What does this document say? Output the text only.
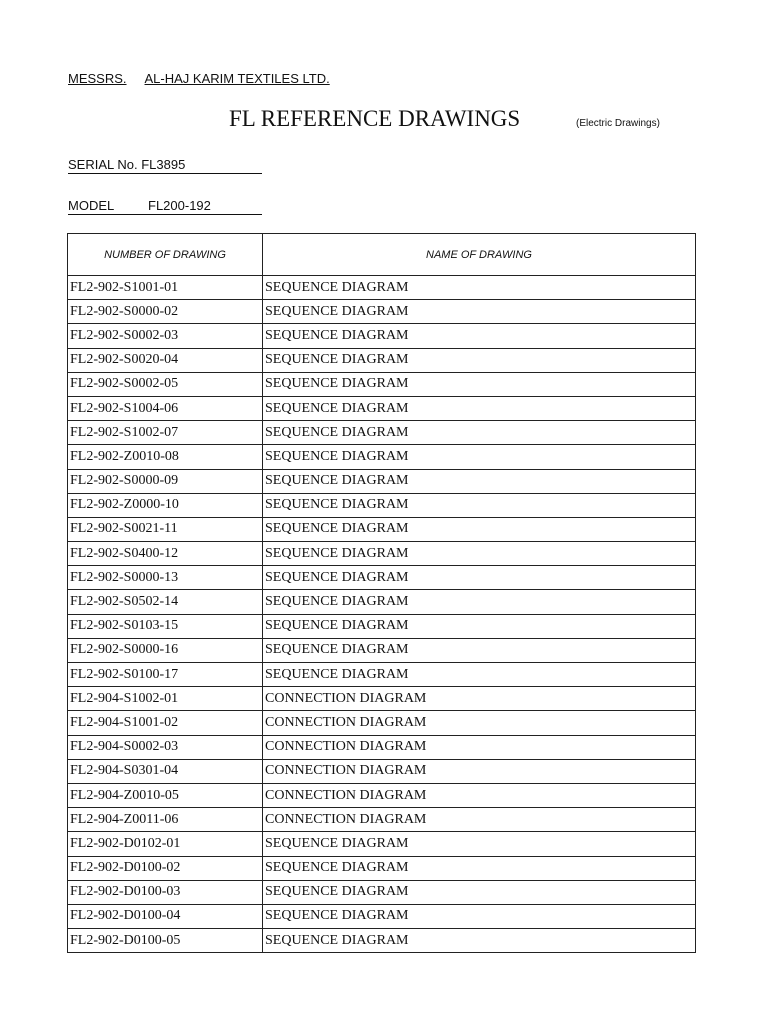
MESSRS. AL-HAJ KARIM TEXTILES LTD.
FL REFERENCE DRAWINGS	(Electric Drawings)
SERIAL No. FL3895
MODEL	FL200-192
NUMBER OF DRAWING	NAME OF DRAWING
FL2-902-S1001-01	SEQUENCE DIAGRAM
FL2-902-S0000-02	SEQUENCE DIAGRAM
FL2-902-S0002-03	SEQUENCE DIAGRAM
FL2-902-S0020-04	SEQUENCE DIAGRAM
FL2-902-S0002-05	SEQUENCE DIAGRAM
FL2-902-S1004-06	SEQUENCE DIAGRAM
FL2-902-S1002-07	SEQUENCE DIAGRAM
FL2-902-Z0010-08	SEQUENCE DIAGRAM
FL2-902-S0000-09	SEQUENCE DIAGRAM
FL2-902-Z0000-10	SEQUENCE DIAGRAM
FL2-902-S0021-11	SEQUENCE DIAGRAM
FL2-902-S0400-12	SEQUENCE DIAGRAM
FL2-902-S0000-13	SEQUENCE DIAGRAM
FL2-902-S0502-14	SEQUENCE DIAGRAM
FL2-902-S0103-15	SEQUENCE DIAGRAM
FL2-902-S0000-16	SEQUENCE DIAGRAM
FL2-902-S0100-17	SEQUENCE DIAGRAM
FL2-904-S1002-01	CONNECTION DIAGRAM
FL2-904-S1001-02	CONNECTION DIAGRAM
FL2-904-S0002-03	CONNECTION DIAGRAM
FL2-904-S0301-04	CONNECTION DIAGRAM
FL2-904-Z0010-05	CONNECTION DIAGRAM
FL2-904-Z0011-06	CONNECTION DIAGRAM
FL2-902-D0102-01	SEQUENCE DIAGRAM
FL2-902-D0100-02	SEQUENCE DIAGRAM
FL2-902-D0100-03	SEQUENCE DIAGRAM
FL2-902-D0100-04	SEQUENCE DIAGRAM
FL2-902-D0100-05	SEQUENCE DIAGRAM
